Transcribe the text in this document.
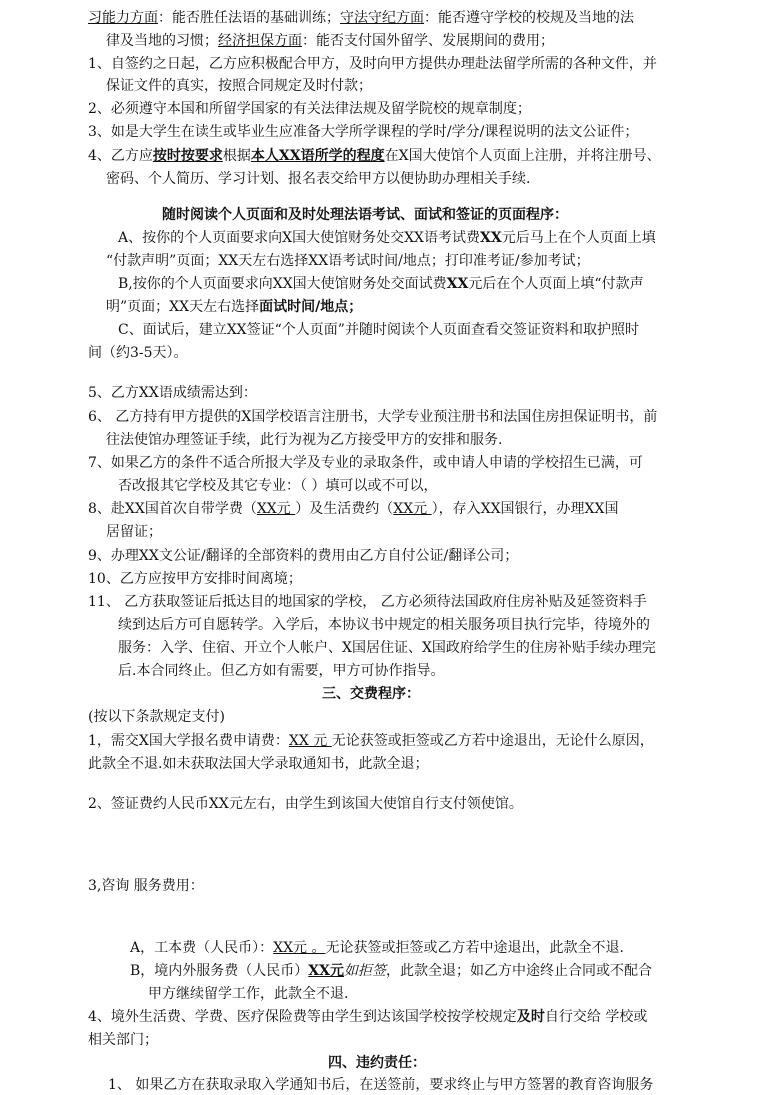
习能力方面：能否胜任法语的基础训练；守法守纪方面：能否遵守学校的校规及当地的法
律及当地的习惯；经济担保方面：能否支付国外留学、发展期间的费用；
1、自签约之日起，乙方应积极配合甲方，及时向甲方提供办理赴法留学所需的各种文件，并
保证文件的真实，按照合同规定及时付款；
2、必须遵守本国和所留学国家的有关法律法规及留学院校的规章制度；
3、如是大学生在读生或毕业生应准备大学所学课程的学时/学分/课程说明的法文公证件；
4、乙方应按时按要求根据本人XX语所学的程度在X国大使馆个人页面上注册，并将注册号、
密码、个人简历、学习计划、报名表交给甲方以便协助办理相关手续.
随时阅读个人页面和及时处理法语考试、面试和签证的页面程序：
A、按你的个人页面要求向X国大使馆财务处交XX语考试费XX元后马上在个人页面上填
“付款声明”页面；XX天左右选择XX语考试时间/地点；打印准考证/参加考试；
B,按你的个人页面要求向XX国大使馆财务处交面试费XX元后在个人页面上填“付款声
明”页面；XX天左右选择面试时间/地点；
C、面试后，建立XX签证“个人页面”并随时阅读个人页面查看交签证资料和取护照时
间（约3-5天）。
5、乙方XX语成绩需达到：
6、 乙方持有甲方提供的X国学校语言注册书，大学专业预注册书和法国住房担保证明书，前
往法使馆办理签证手续，此行为视为乙方接受甲方的安排和服务.
7、如果乙方的条件不适合所报大学及专业的录取条件，或申请人申请的学校招生已满，可
否改报其它学校及其它专业：（ ）填可以或不可以，
8、赴XX国首次自带学费（XX元 ）及生活费约（XX元 ），存入XX国银行，办理XX国
居留证；
9、办理XX文公证/翻译的全部资料的费用由乙方自付公证/翻译公司；
10、乙方应按甲方安排时间离境；
11、 乙方获取签证后抵达目的地国家的学校， 乙方必须待法国政府住房补贴及延签资料手
续到达后方可自愿转学。入学后，本协议书中规定的相关服务项目执行完毕，待境外的
服务：入学、住宿、开立个人帐户、X国居住证、X国政府给学生的住房补贴手续办理完
后.本合同终止。但乙方如有需要，甲方可协作指导。
三、交费程序：
(按以下条款规定支付)
1，需交X国大学报名费申请费：XX 元 无论获签或拒签或乙方若中途退出，无论什么原因，
此款全不退.如未获取法国大学录取通知书，此款全退；
2、签证费约人民币XX元左右，由学生到该国大使馆自行支付领使馆。
3,咨询 服务费用：
A，工本费（人民币）：XX元 。无论获签或拒签或乙方若中途退出，此款全不退.
B，境内外服务费（人民币）XX元如拒签，此款全退；如乙方中途终止合同或不配合
甲方继续留学工作，此款全不退.
4、境外生活费、学费、医疗保险费等由学生到达该国学校按学校规定及时自行交给 学校或
相关部门；
四、违约责任：
1、 如果乙方在获取录取入学通知书后，在送签前，要求终止与甲方签署的教育咨询服务
